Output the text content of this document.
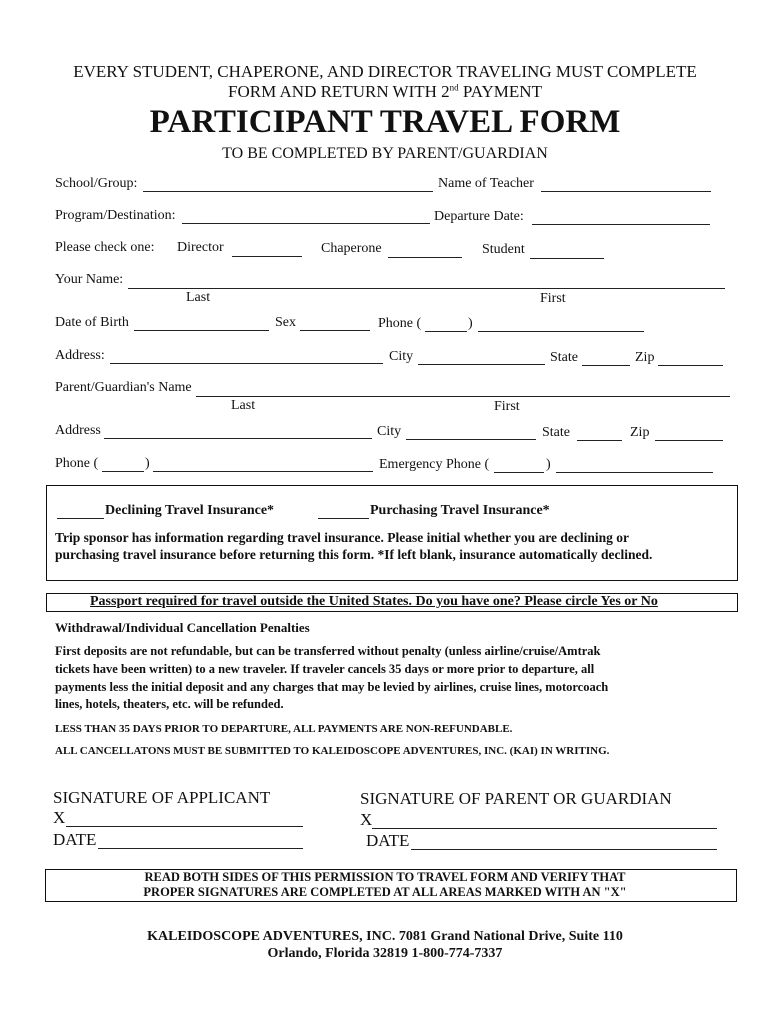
EVERY STUDENT, CHAPERONE, AND DIRECTOR TRAVELING MUST COMPLETE
FORM AND RETURN WITH 2nd PAYMENT
PARTICIPANT TRAVEL FORM
TO BE COMPLETED BY PARENT/GUARDIAN
School/Group:	Name of Teacher
Program/Destination:	Departure Date:
Please check one: Director	Chaperone	Student
Your Name:
Last	First
Date of Birth	Sex	Phone (	)
Address:	City	State	Zip
Parent/Guardian's Name
Last	First
Address	City	State	Zip
Phone (	)	Emergency Phone (	)
Declining Travel Insurance*	Purchasing Travel Insurance*
Trip sponsor has information regarding travel insurance. Please initial whether you are declining or
purchasing travel insurance before returning this form. *If left blank, insurance automatically declined.
Passport required for travel outside the United States. Do you have one? Please circle Yes or No
Withdrawal/Individual Cancellation Penalties
First deposits are not refundable, but can be transferred without penalty (unless airline/cruise/Amtrak
tickets have been written) to a new traveler. If traveler cancels 35 days or more prior to departure, all
payments less the initial deposit and any charges that may be levied by airlines, cruise lines, motorcoach
lines, hotels, theaters, etc. will be refunded.
LESS THAN 35 DAYS PRIOR TO DEPARTURE, ALL PAYMENTS ARE NON-REFUNDABLE.
ALL CANCELLATONS MUST BE SUBMITTED TO KALEIDOSCOPE ADVENTURES, INC. (KAI) IN WRITING.
SIGNATURE OF APPLICANT
X
DATE
SIGNATURE OF PARENT OR GUARDIAN
X
DATE
READ BOTH SIDES OF THIS PERMISSION TO TRAVEL FORM AND VERIFY THAT
PROPER SIGNATURES ARE COMPLETED AT ALL AREAS MARKED WITH AN "X"
KALEIDOSCOPE ADVENTURES, INC. 7081 Grand National Drive, Suite 110
Orlando, Florida 32819 1-800-774-7337
